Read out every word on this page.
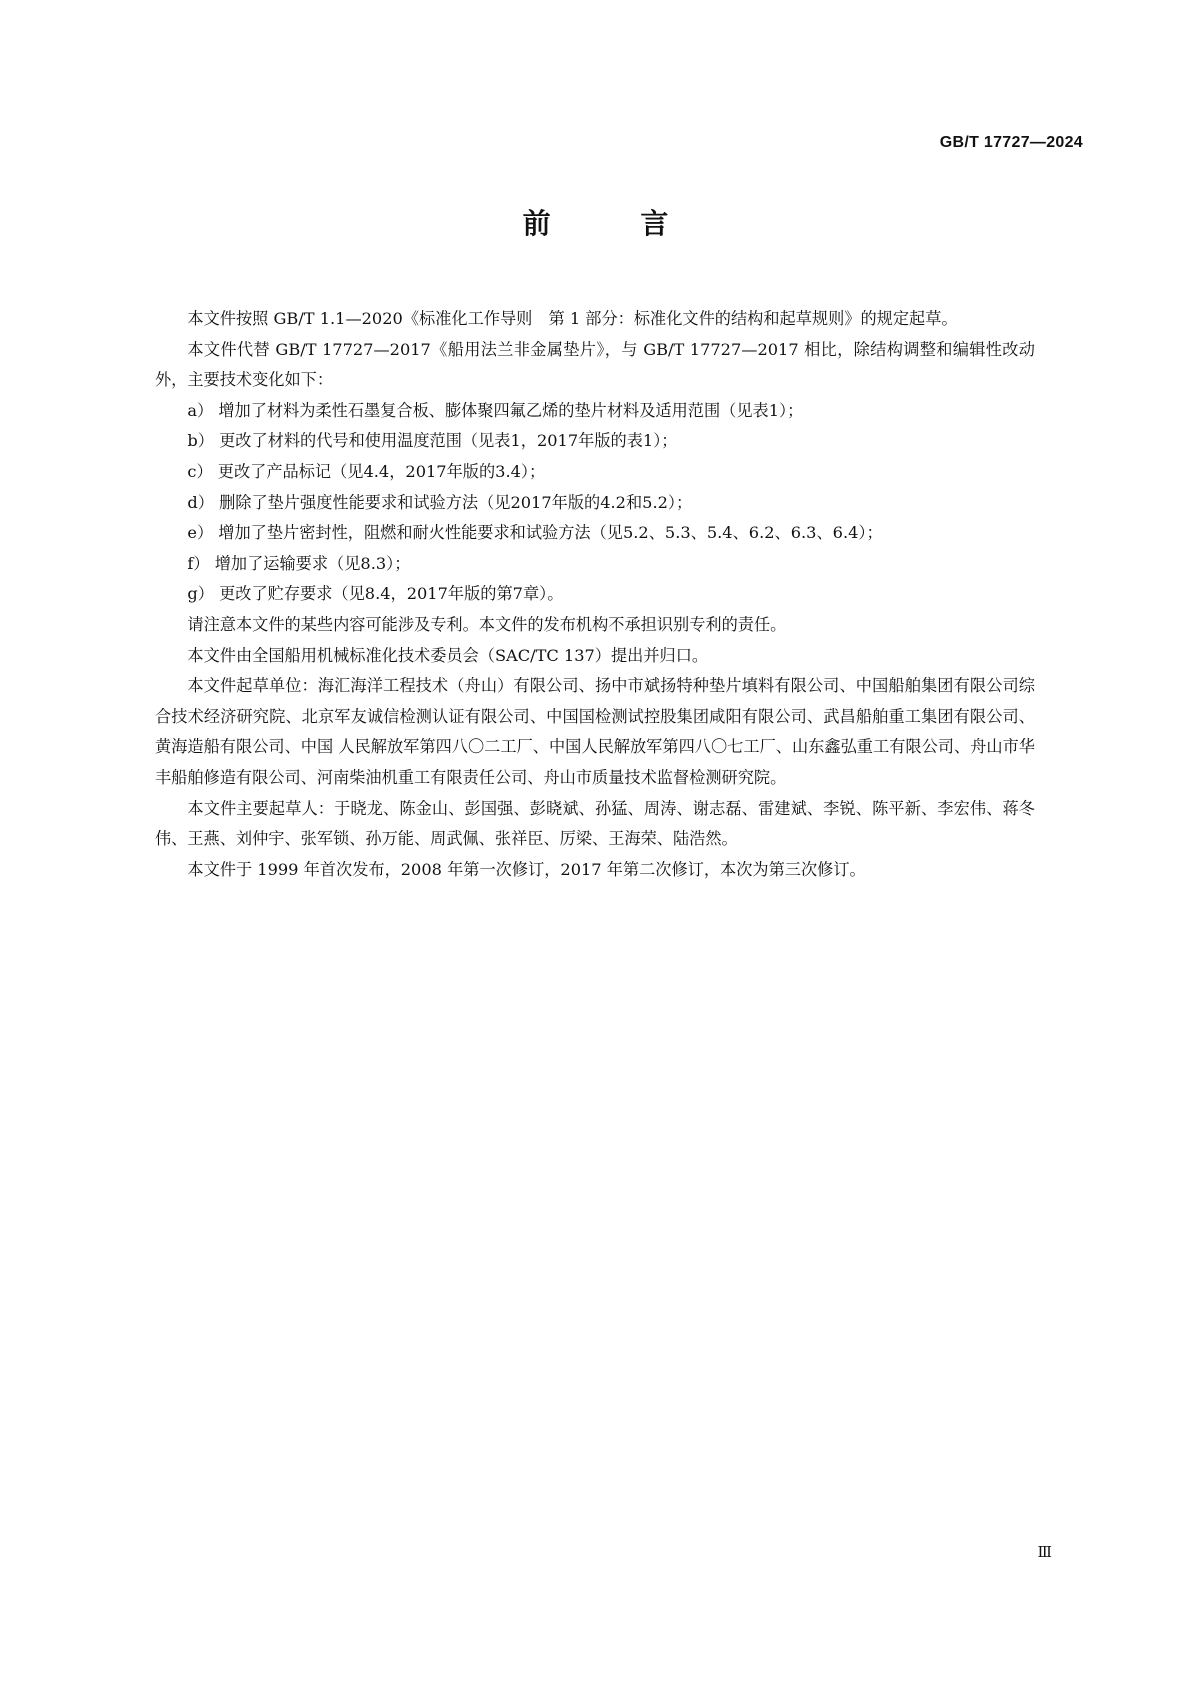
GB/T 17727—2024
前 言

本文件按照 GB/T 1.1—2020《标准化工作导则　第 1 部分：标准化文件的结构和起草规则》的规定起草。

本文件代替 GB/T 17727—2017《船用法兰非金属垫片》，与 GB/T 17727—2017 相比，除结构调整和编辑性改动外，主要技术变化如下：

a） 增加了材料为柔性石墨复合板、膨体聚四氟乙烯的垫片材料及适用范围（见表1）；

b） 更改了材料的代号和使用温度范围（见表1，2017年版的表1）；

c） 更改了产品标记（见4.4，2017年版的3.4）；

d） 删除了垫片强度性能要求和试验方法（见2017年版的4.2和5.2）；

e） 增加了垫片密封性，阻燃和耐火性能要求和试验方法（见5.2、5.3、5.4、6.2、6.3、6.4）；

f） 增加了运输要求（见8.3）；

g） 更改了贮存要求（见8.4，2017年版的第7章）。

请注意本文件的某些内容可能涉及专利。本文件的发布机构不承担识别专利的责任。

本文件由全国船用机械标准化技术委员会（SAC/TC 137）提出并归口。

本文件起草单位：海汇海洋工程技术（舟山）有限公司、扬中市斌扬特种垫片填料有限公司、中国船舶集团有限公司综合技术经济研究院、北京军友诚信检测认证有限公司、中国国检测试控股集团咸阳有限公司、武昌船舶重工集团有限公司、黄海造船有限公司、中国 人民解放军第四八〇二工厂、中国人民解放军第四八〇七工厂、山东鑫弘重工有限公司、舟山市华丰船舶修造有限公司、河南柴油机重工有限责任公司、舟山市质量技术监督检测研究院。

本文件主要起草人：于晓龙、陈金山、彭国强、彭晓斌、孙猛、周涛、谢志磊、雷建斌、李锐、陈平新、李宏伟、蒋冬伟、王燕、刘仲宇、张军锁、孙万能、周武佩、张祥臣、厉梁、王海荣、陆浩然。

本文件于 1999 年首次发布，2008 年第一次修订，2017 年第二次修订，本次为第三次修订。

Ⅲ
